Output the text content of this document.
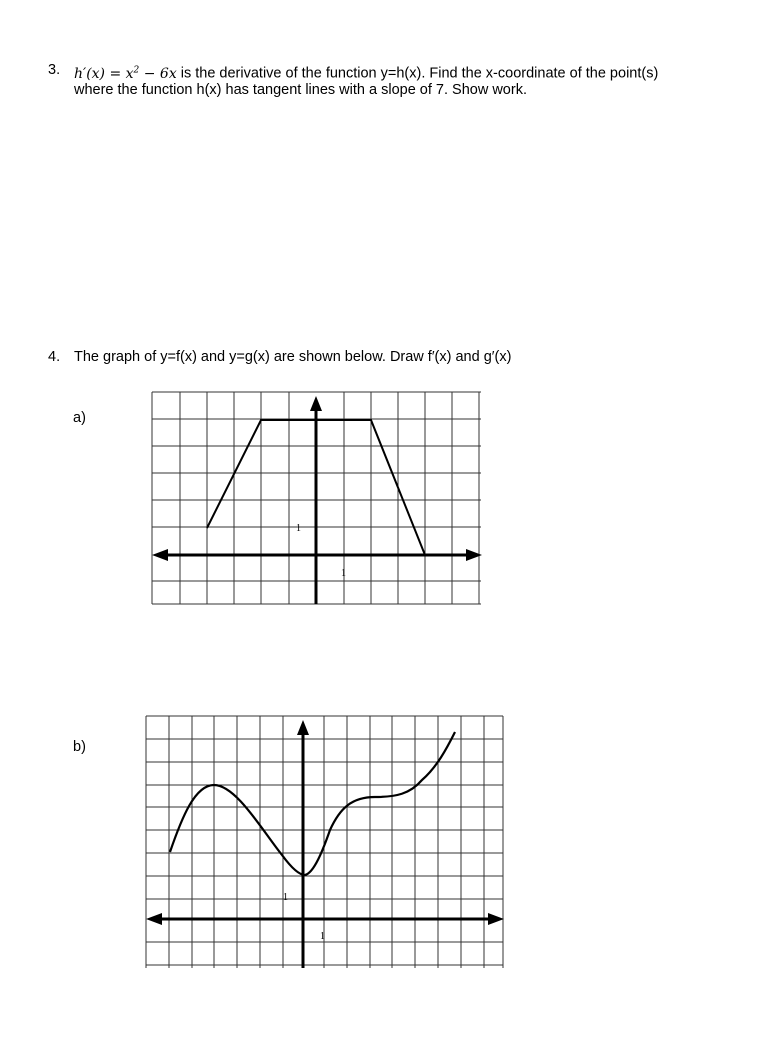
3. $h'(x) = x^2 - 6x$ is the derivative of the function y=h(x). Find the x-coordinate of the point(s)
where the function h(x) has tangent lines with a slope of 7. Show work.
4. The graph of y=f(x) and y=g(x) are shown below. Draw f′(x) and g′(x)
a)
b)
1
1
1
1
